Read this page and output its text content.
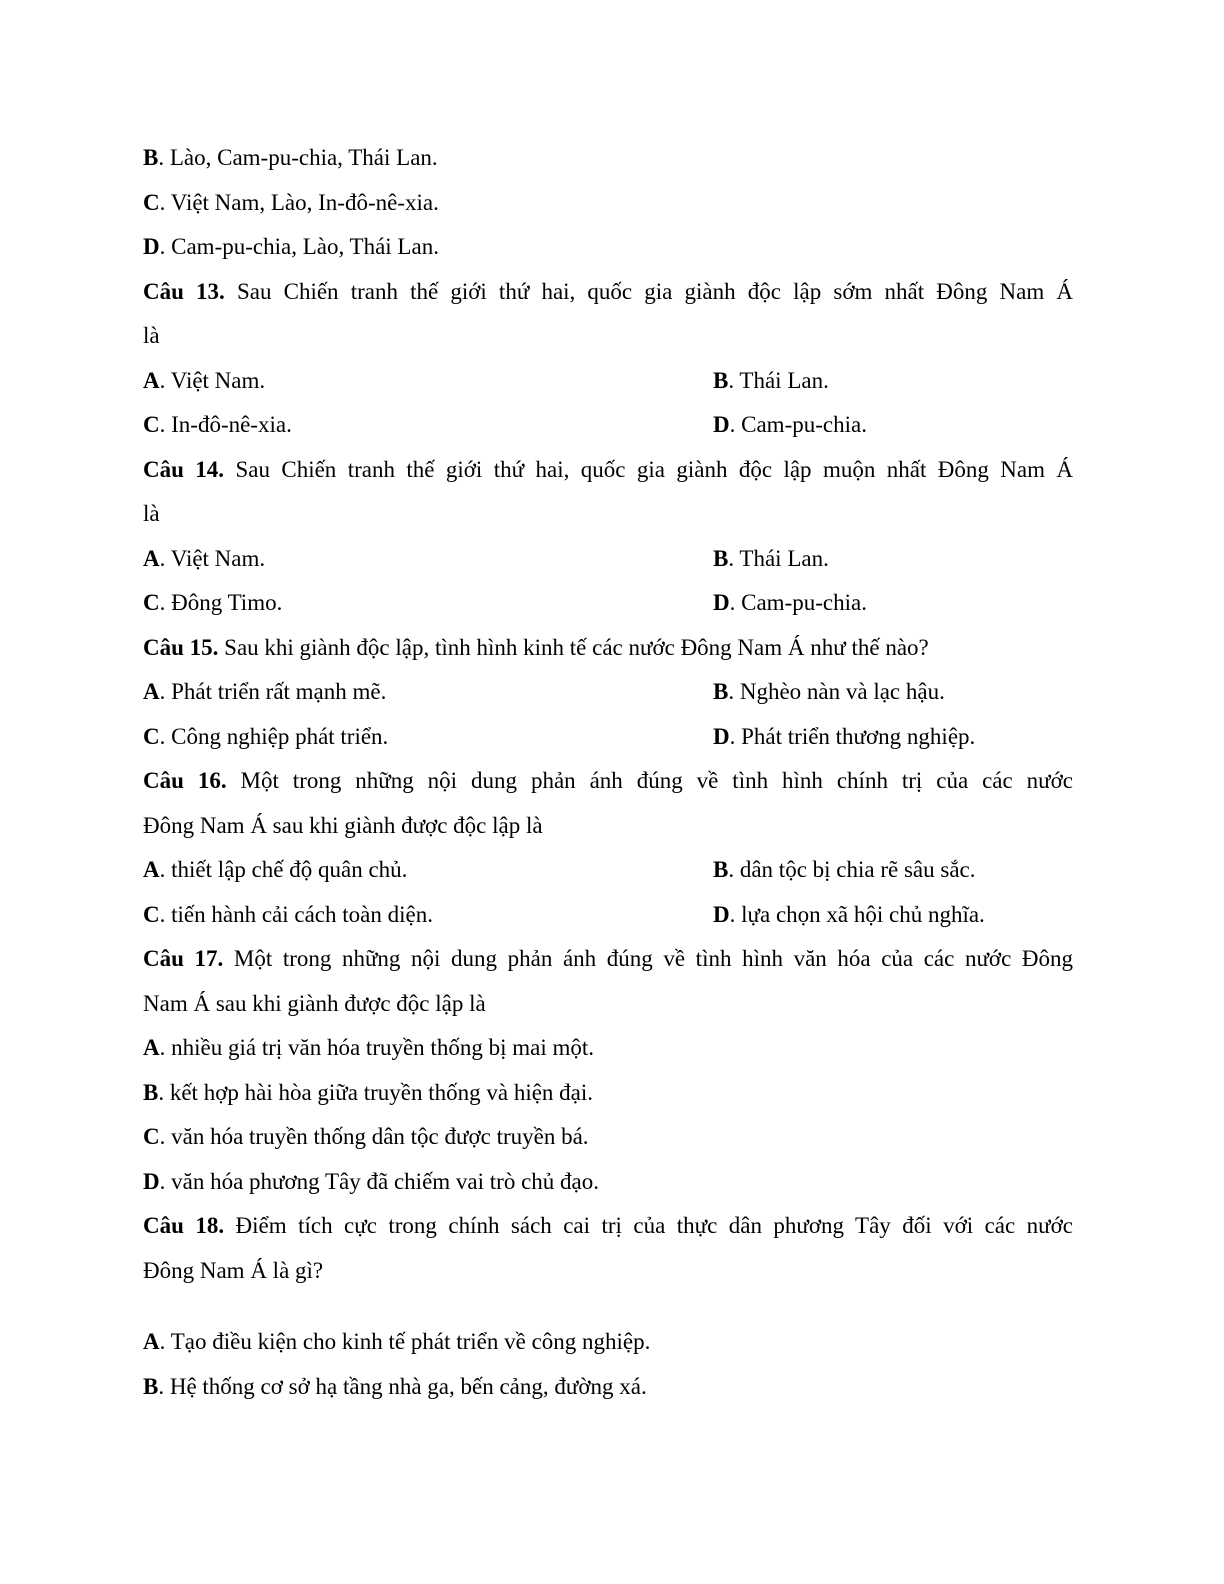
B. Lào, Cam-pu-chia, Thái Lan.
C. Việt Nam, Lào, In-đô-nê-xia.
D. Cam-pu-chia, Lào, Thái Lan.
Câu 13. Sau Chiến tranh thế giới thứ hai, quốc gia giành độc lập sớm nhất Đông Nam Á
là
A. Việt Nam.	B. Thái Lan.
C. In-đô-nê-xia.	D. Cam-pu-chia.
Câu 14. Sau Chiến tranh thế giới thứ hai, quốc gia giành độc lập muộn nhất Đông Nam Á
là
A. Việt Nam.	B. Thái Lan.
C. Đông Timo.	D. Cam-pu-chia.
Câu 15. Sau khi giành độc lập, tình hình kinh tế các nước Đông Nam Á như thế nào?
A. Phát triển rất mạnh mẽ.	B. Nghèo nàn và lạc hậu.
C. Công nghiệp phát triển.	D. Phát triển thương nghiệp.
Câu 16. Một trong những nội dung phản ánh đúng về tình hình chính trị của các nước
Đông Nam Á sau khi giành được độc lập là
A. thiết lập chế độ quân chủ.	B. dân tộc bị chia rẽ sâu sắc.
C. tiến hành cải cách toàn diện.	D. lựa chọn xã hội chủ nghĩa.
Câu 17. Một trong những nội dung phản ánh đúng về tình hình văn hóa của các nước Đông
Nam Á sau khi giành được độc lập là
A. nhiều giá trị văn hóa truyền thống bị mai một.
B. kết hợp hài hòa giữa truyền thống và hiện đại.
C. văn hóa truyền thống dân tộc được truyền bá.
D. văn hóa phương Tây đã chiếm vai trò chủ đạo.
Câu 18. Điểm tích cực trong chính sách cai trị của thực dân phương Tây đối với các nước
Đông Nam Á là gì?
A. Tạo điều kiện cho kinh tế phát triển về công nghiệp.
B. Hệ thống cơ sở hạ tầng nhà ga, bến cảng, đường xá.
